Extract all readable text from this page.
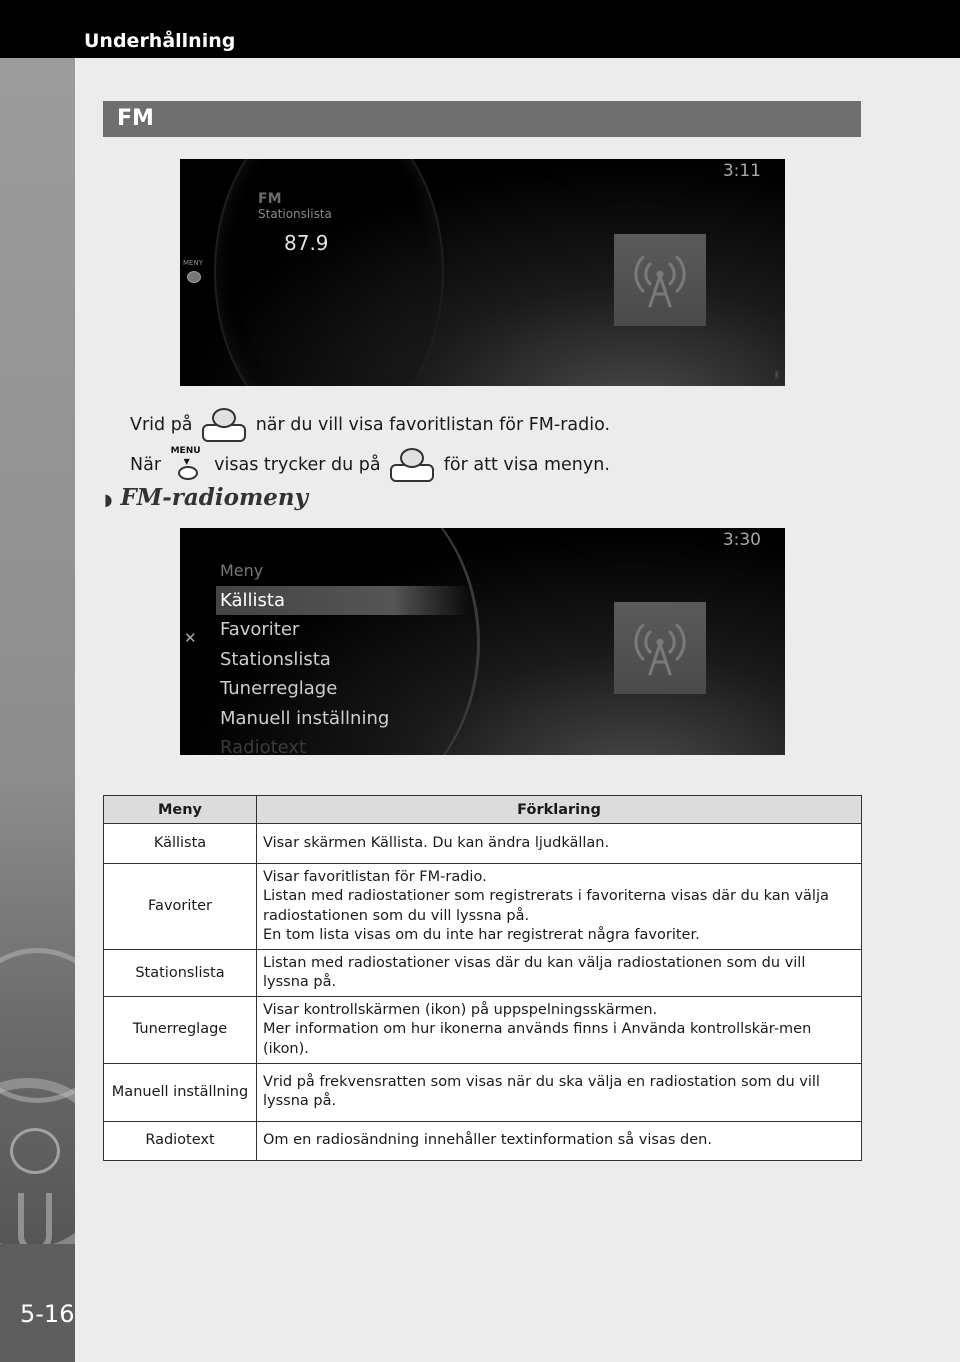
Underhållning
5-16
FM
3:11
FM
Stationslista
87.9
MENY
ᛒ
Vrid på	när du vill visa favoritlistan för FM-radio.
När
MENU
▼ visas trycker du på	för att visa menyn.
◗ FM-radiomeny
3:30
✕
Meny
Källista
Favoriter
Stationslista
Tunerreglage
Manuell inställning
Radiotext
Meny	Förklaring
Källista	Visar skärmen Källista. Du kan ändra ljudkällan.

Favoriter	Visar favoritlistan för FM-radio.
Listan med radiostationer som registrerats i favoriterna visas där du kan välja radiostationen som du vill lyssna på.
En tom lista visas om du inte har registrerat några favoriter.

Stationslista	Listan med radiostationer visas där du kan välja radiostationen som du vill lyssna på.

Tunerreglage	Visar kontrollskärmen (ikon) på uppspelningsskärmen.
Mer information om hur ikonerna används finns i Använda kontrollskär-men (ikon).

Manuell inställning	Vrid på frekvensratten som visas när du ska välja en radiostation som du vill lyssna på.

Radiotext	Om en radiosändning innehåller textinformation så visas den.
